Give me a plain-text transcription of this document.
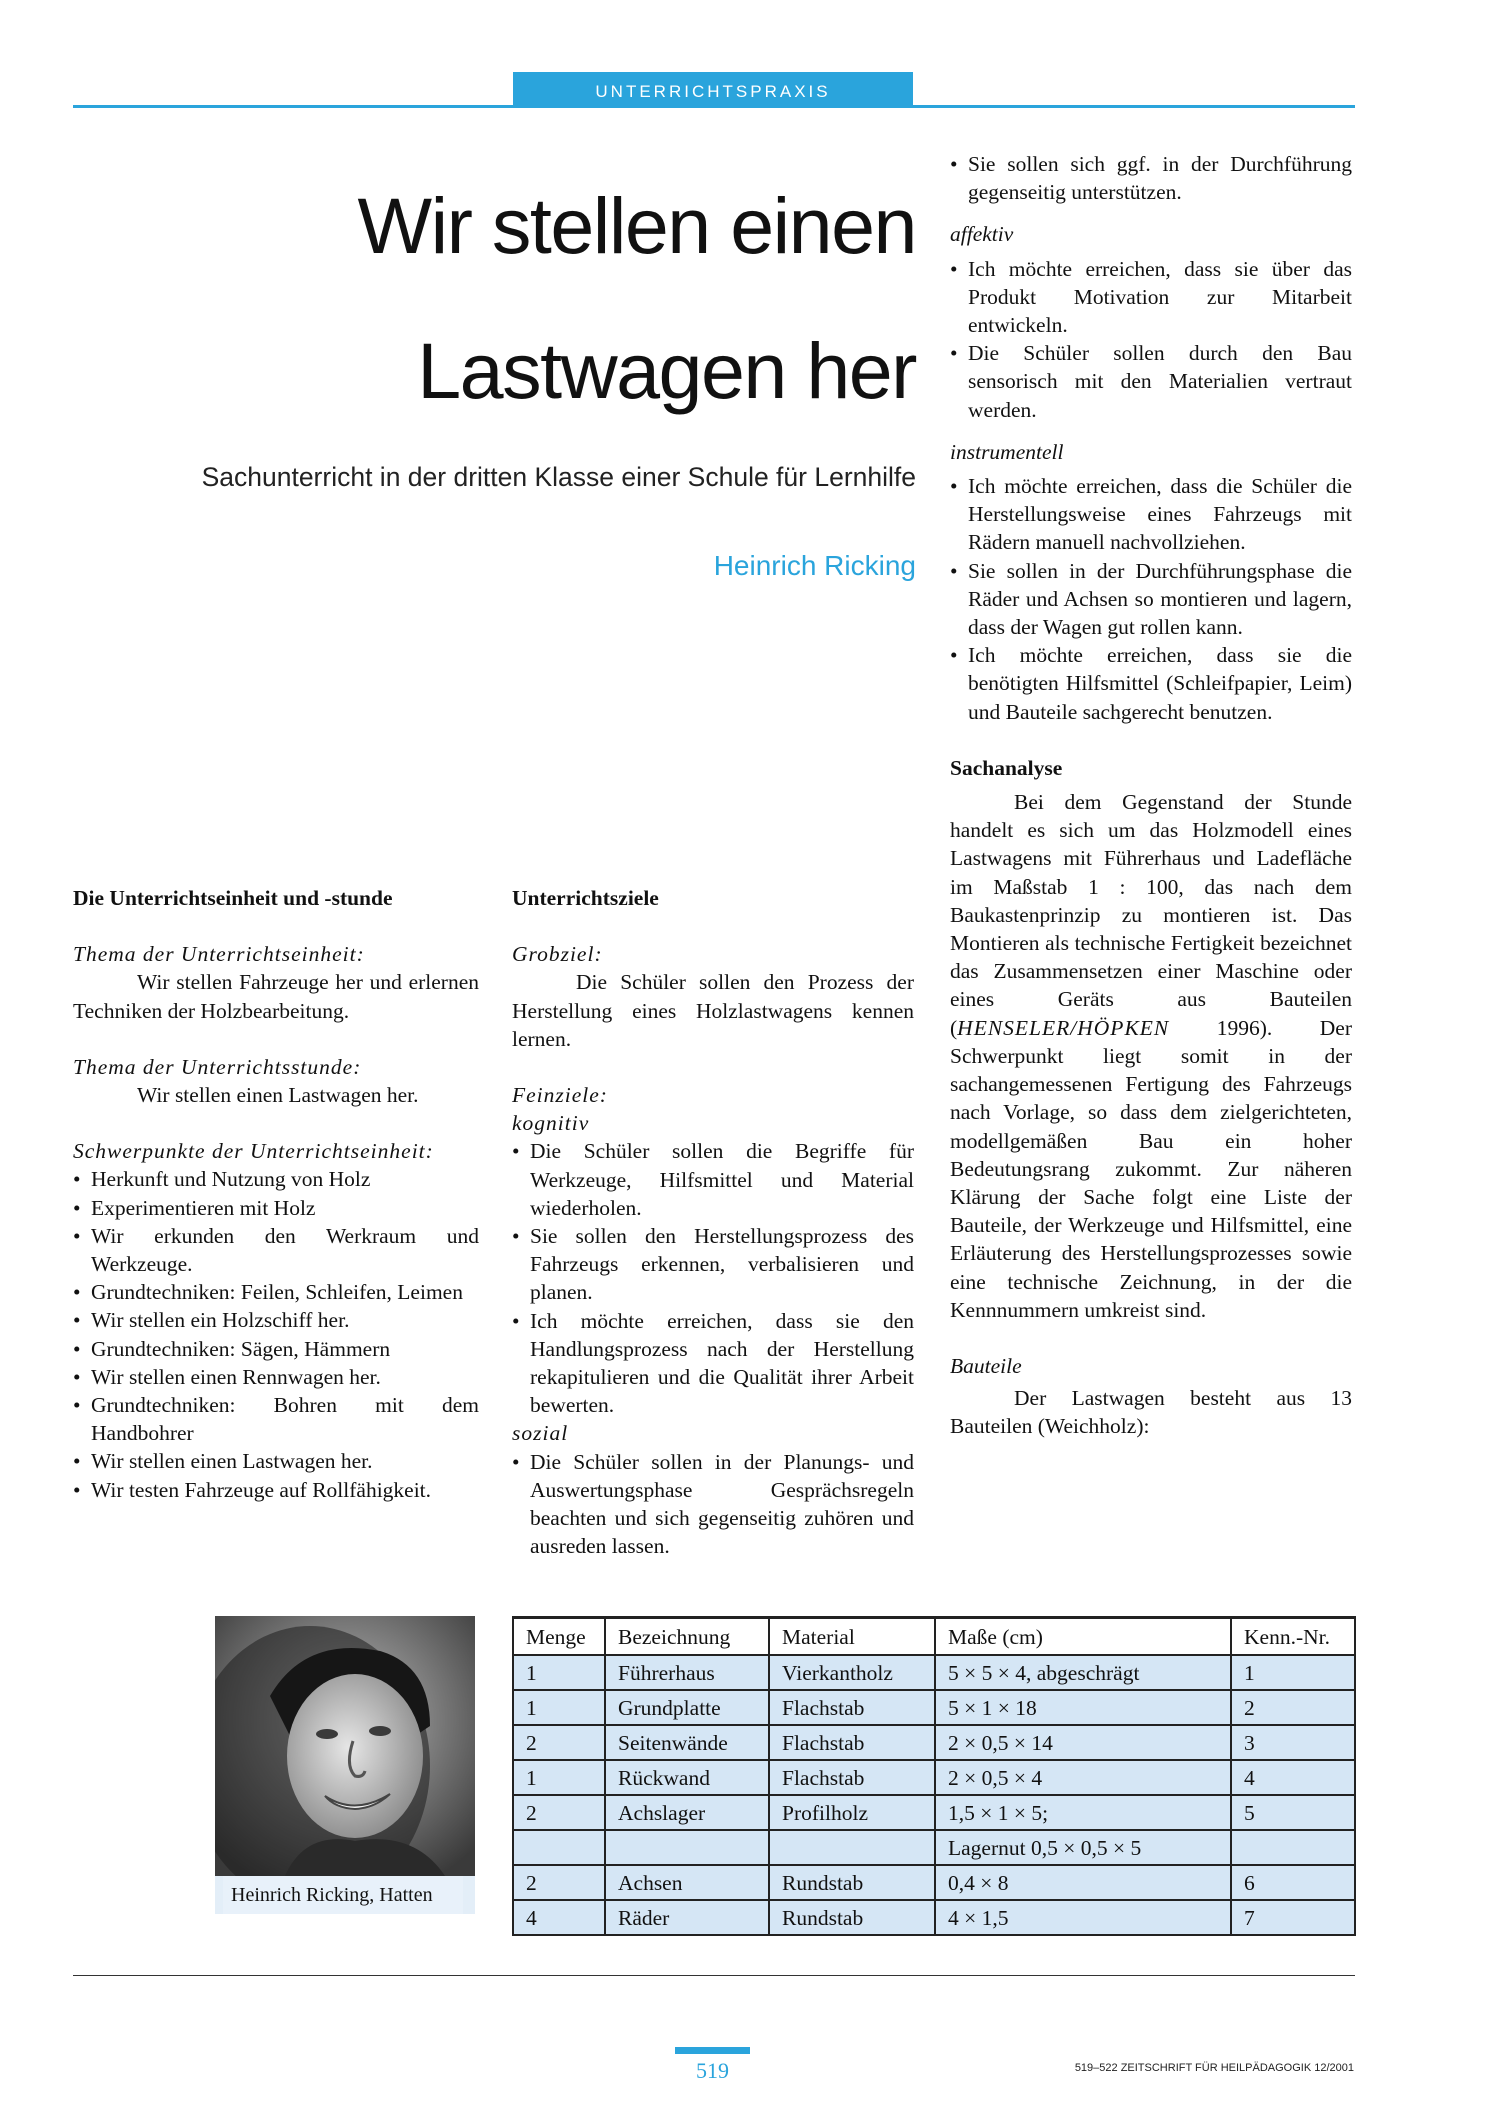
UNTERRICHTSPRAXIS
Wir stellen einen
Lastwagen her
Sachunterricht in der dritten Klasse einer Schule für Lernhilfe
Heinrich Ricking

Die Unterrichtseinheit und -stunde

Thema der Unterrichtseinheit:

Wir stellen Fahrzeuge her und erlernen Techniken der Holzbearbeitung.

Thema der Unterrichtsstunde:

Wir stellen einen Lastwagen her.

Schwerpunkte der Unterrichtseinheit:

• Herkunft und Nutzung von Holz
• Experimentieren mit Holz
• Wir erkunden den Werkraum und Werkzeuge.
• Grundtechniken: Feilen, Schleifen, Leimen
• Wir stellen ein Holzschiff her.
• Grundtechniken: Sägen, Hämmern
• Wir stellen einen Rennwagen her.
• Grundtechniken: Bohren mit dem Handbohrer
• Wir stellen einen Lastwagen her.
• Wir testen Fahrzeuge auf Rollfähigkeit.

Unterrichtsziele

Grobziel:

Die Schüler sollen den Prozess der Herstellung eines Holzlastwagens kennen lernen.

Feinziele:

kognitiv

• Die Schüler sollen die Begriffe für Werkzeuge, Hilfsmittel und Material wiederholen.
• Sie sollen den Herstellungsprozess des Fahrzeugs erkennen, verbalisieren und planen.
• Ich möchte erreichen, dass sie den Handlungsprozess nach der Herstellung rekapitulieren und die Qualität ihrer Arbeit bewerten.

sozial

• Die Schüler sollen in der Planungs- und Auswertungsphase Gesprächsregeln beachten und sich gegenseitig zuhören und ausreden lassen.
• Sie sollen sich ggf. in der Durchführung gegenseitig unterstützen.

affektiv

• Ich möchte erreichen, dass sie über das Produkt Motivation zur Mitarbeit entwickeln.
• Die Schüler sollen durch den Bau sensorisch mit den Materialien vertraut werden.

instrumentell

• Ich möchte erreichen, dass die Schüler die Herstellungsweise eines Fahrzeugs mit Rädern manuell nachvollziehen.
• Sie sollen in der Durchführungsphase die Räder und Achsen so montieren und lagern, dass der Wagen gut rollen kann.
• Ich möchte erreichen, dass sie die benötigten Hilfsmittel (Schleifpapier, Leim) und Bauteile sachgerecht benutzen.

Sachanalyse

Bei dem Gegenstand der Stunde handelt es sich um das Holzmodell eines Lastwagens mit Führerhaus und Ladefläche im Maßstab 1 : 100, das nach dem Baukastenprinzip zu montieren ist. Das Montieren als technische Fertigkeit bezeichnet das Zusammensetzen einer Maschine oder eines Geräts aus Bauteilen (HENSELER/HÖPKEN 1996). Der Schwerpunkt liegt somit in der sachangemessenen Fertigung des Fahrzeugs nach Vorlage, so dass dem zielgerichteten, modellgemäßen Bau ein hoher Bedeutungsrang zukommt. Zur näheren Klärung der Sache folgt eine Liste der Bauteile, der Werkzeuge und Hilfsmittel, eine Erläuterung des Herstellungsprozesses sowie eine technische Zeichnung, in der die Kennnummern umkreist sind.

Bauteile

Der Lastwagen besteht aus 13 Bauteilen (Weichholz):

Heinrich Ricking, Hatten
Menge	Bezeichnung	Material	Maße (cm)	Kenn.-Nr.
1	Führerhaus	Vierkantholz	5 × 5 × 4, abgeschrägt	1
1	Grundplatte	Flachstab	5 × 1 × 18	2
2	Seitenwände	Flachstab	2 × 0,5 × 14	3
1	Rückwand	Flachstab	2 × 0,5 × 4	4
2	Achslager	Profilholz	1,5 × 1 × 5;	5
			Lagernut 0,5 × 0,5 × 5	
2	Achsen	Rundstab	0,4 × 8	6
4	Räder	Rundstab	4 × 1,5	7
519	519–522 ZEITSCHRIFT FÜR HEILPÄDAGOGIK 12/2001
